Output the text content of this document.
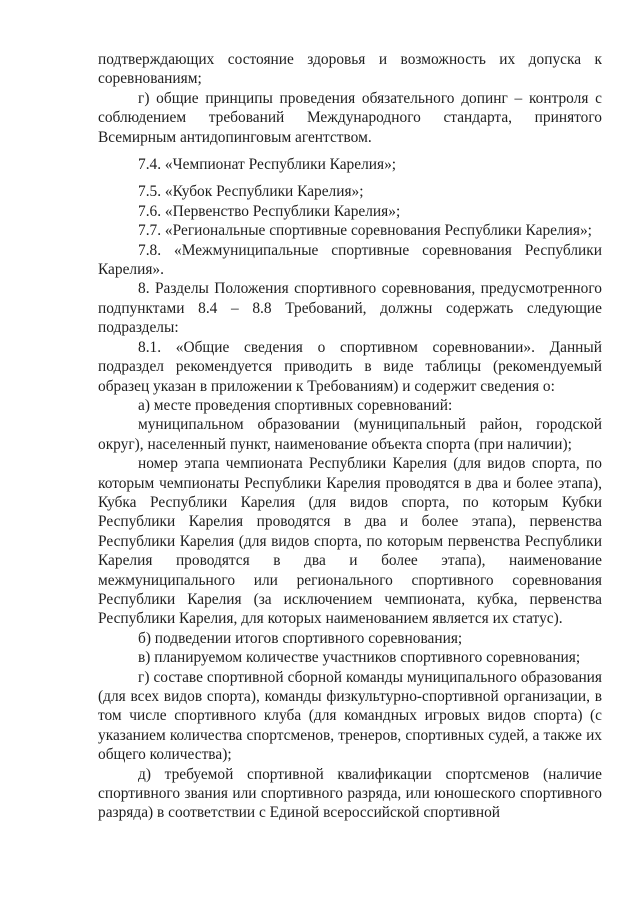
подтверждающих состояние здоровья и возможность их допуска к соревнованиям;

г) общие принципы проведения обязательного допинг – контроля с соблюдением требований Международного стандарта, принятого Всемирным антидопинговым агентством.

7.4. «Чемпионат Республики Карелия»;

7.5. «Кубок Республики Карелия»;

7.6. «Первенство Республики Карелия»;

7.7. «Региональные спортивные соревнования Республики Карелия»;

7.8. «Межмуниципальные спортивные соревнования Республики Карелия».

8. Разделы Положения спортивного соревнования, предусмотренного подпунктами 8.4 – 8.8 Требований, должны содержать следующие подразделы:

8.1. «Общие сведения о спортивном соревновании». Данный подраздел рекомендуется приводить в виде таблицы (рекомендуемый образец указан в приложении к Требованиям) и содержит сведения о:

а) месте проведения спортивных соревнований:

муниципальном образовании (муниципальный район, городской округ), населенный пункт, наименование объекта спорта (при наличии);

номер этапа чемпионата Республики Карелия (для видов спорта, по которым чемпионаты Республики Карелия проводятся в два и более этапа), Кубка Республики Карелия (для видов спорта, по которым Кубки Республики Карелия проводятся в два и более этапа), первенства Республики Карелия (для видов спорта, по которым первенства Республики Карелия проводятся в два и более этапа), наименование межмуниципального или регионального спортивного соревнования Республики Карелия (за исключением чемпионата, кубка, первенства Республики Карелия, для которых наименованием является их статус).

б) подведении итогов спортивного соревнования;

в) планируемом количестве участников спортивного соревнования;

г) составе спортивной сборной команды муниципального образования (для всех видов спорта), команды физкультурно-спортивной организации, в том числе спортивного клуба (для командных игровых видов спорта) (с указанием количества спортсменов, тренеров, спортивных судей, а также их общего количества);

д) требуемой спортивной квалификации спортсменов (наличие спортивного звания или спортивного разряда, или юношеского спортивного разряда) в соответствии с Единой всероссийской спортивной
